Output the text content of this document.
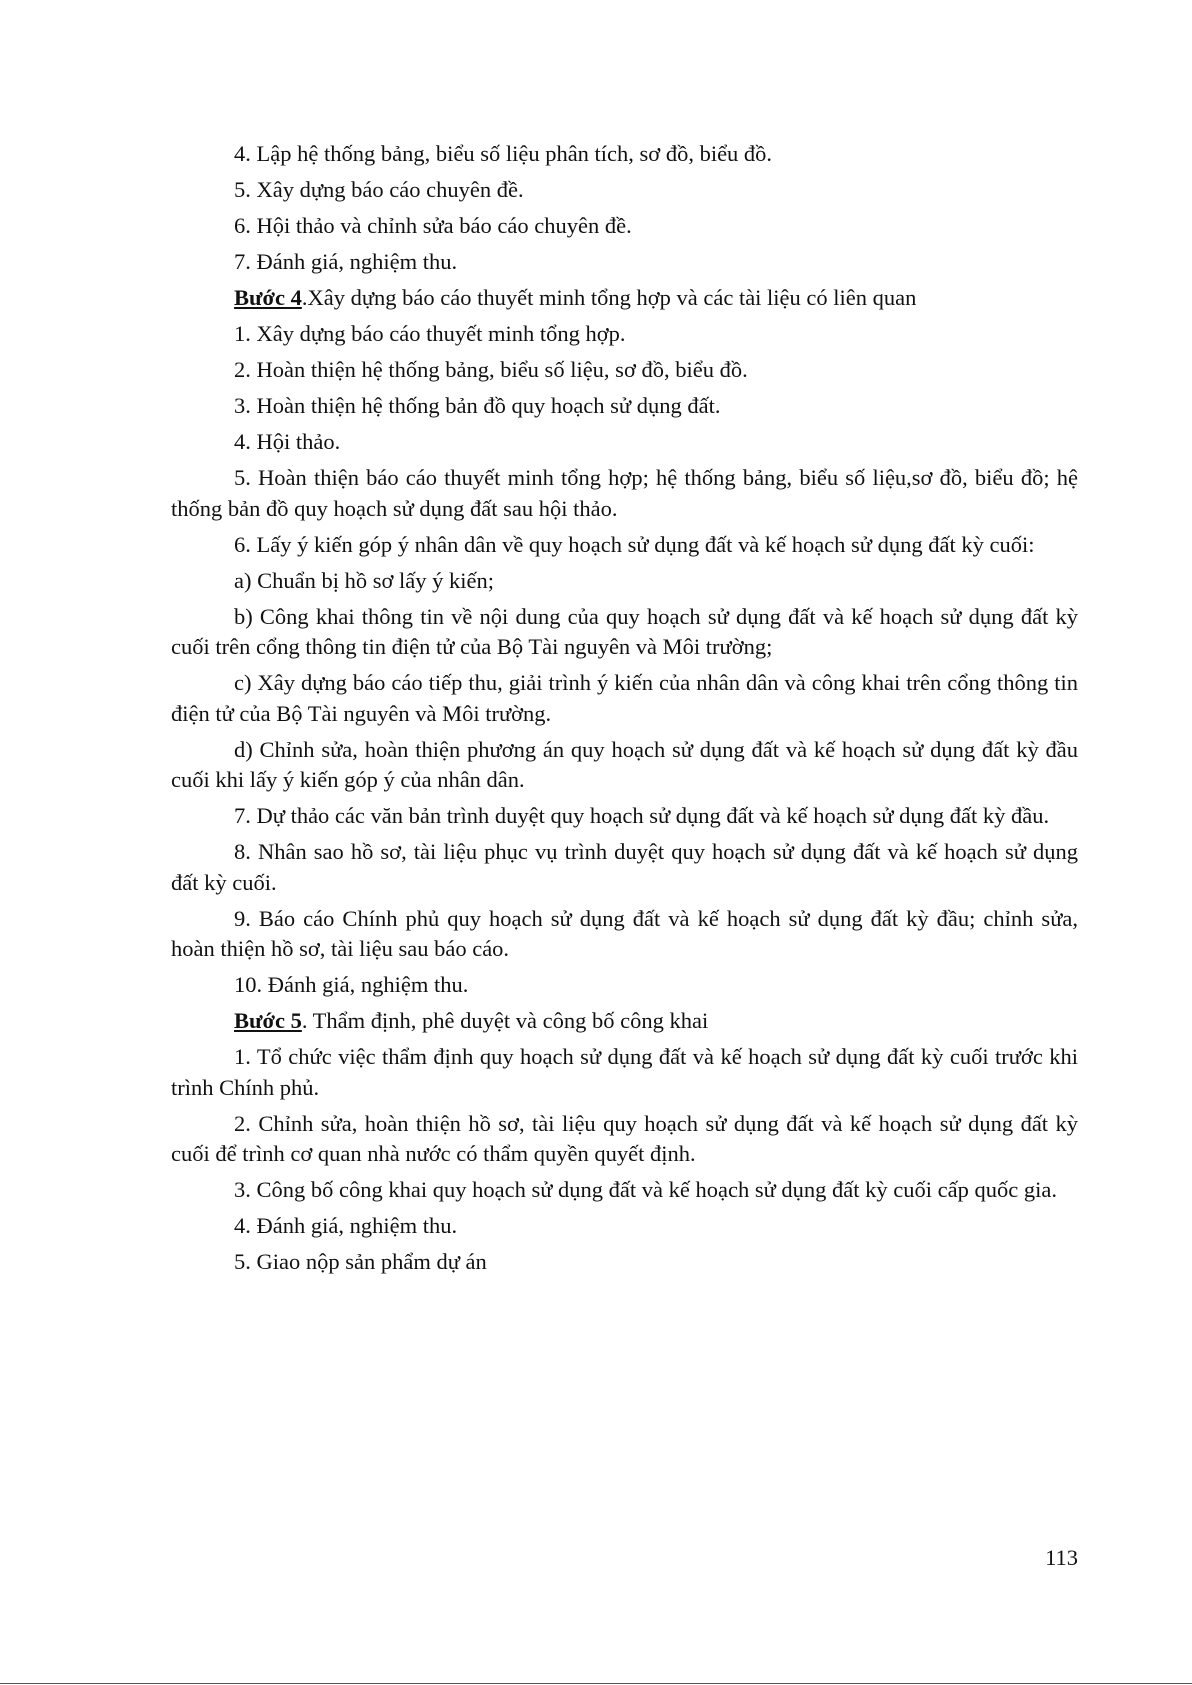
4. Lập hệ thống bảng, biểu số liệu phân tích, sơ đồ, biểu đồ.

5. Xây dựng báo cáo chuyên đề.

6. Hội thảo và chỉnh sửa báo cáo chuyên đề.

7. Đánh giá, nghiệm thu.

Bước 4.Xây dựng báo cáo thuyết minh tổng hợp và các tài liệu có liên quan

1. Xây dựng báo cáo thuyết minh tổng hợp.

2. Hoàn thiện hệ thống bảng, biểu số liệu, sơ đồ, biểu đồ.

3. Hoàn thiện hệ thống bản đồ quy hoạch sử dụng đất.

4. Hội thảo.

5. Hoàn thiện báo cáo thuyết minh tổng hợp; hệ thống bảng, biểu số liệu,sơ đồ, biểu đồ; hệ thống bản đồ quy hoạch sử dụng đất sau hội thảo.

6. Lấy ý kiến góp ý nhân dân về quy hoạch sử dụng đất và kế hoạch sử dụng đất kỳ cuối:

a) Chuẩn bị hồ sơ lấy ý kiến;

b) Công khai thông tin về nội dung của quy hoạch sử dụng đất và kế hoạch sử dụng đất kỳ cuối trên cổng thông tin điện tử của Bộ Tài nguyên và Môi trường;

c) Xây dựng báo cáo tiếp thu, giải trình ý kiến của nhân dân và công khai trên cổng thông tin điện tử của Bộ Tài nguyên và Môi trường.

d) Chỉnh sửa, hoàn thiện phương án quy hoạch sử dụng đất và kế hoạch sử dụng đất kỳ đầu cuối khi lấy ý kiến góp ý của nhân dân.

7. Dự thảo các văn bản trình duyệt quy hoạch sử dụng đất và kế hoạch sử dụng đất kỳ đầu.

8. Nhân sao hồ sơ, tài liệu phục vụ trình duyệt quy hoạch sử dụng đất và kế hoạch sử dụng đất kỳ cuối.

9. Báo cáo Chính phủ quy hoạch sử dụng đất và kế hoạch sử dụng đất kỳ đầu; chỉnh sửa, hoàn thiện hồ sơ, tài liệu sau báo cáo.

10. Đánh giá, nghiệm thu.

Bước 5. Thẩm định, phê duyệt và công bố công khai

1. Tổ chức việc thẩm định quy hoạch sử dụng đất và kế hoạch sử dụng đất kỳ cuối trước khi trình Chính phủ.

2. Chỉnh sửa, hoàn thiện hồ sơ, tài liệu quy hoạch sử dụng đất và kế hoạch sử dụng đất kỳ cuối để trình cơ quan nhà nước có thẩm quyền quyết định.

3. Công bố công khai quy hoạch sử dụng đất và kế hoạch sử dụng đất kỳ cuối cấp quốc gia.

4. Đánh giá, nghiệm thu.

5. Giao nộp sản phẩm dự án

113
